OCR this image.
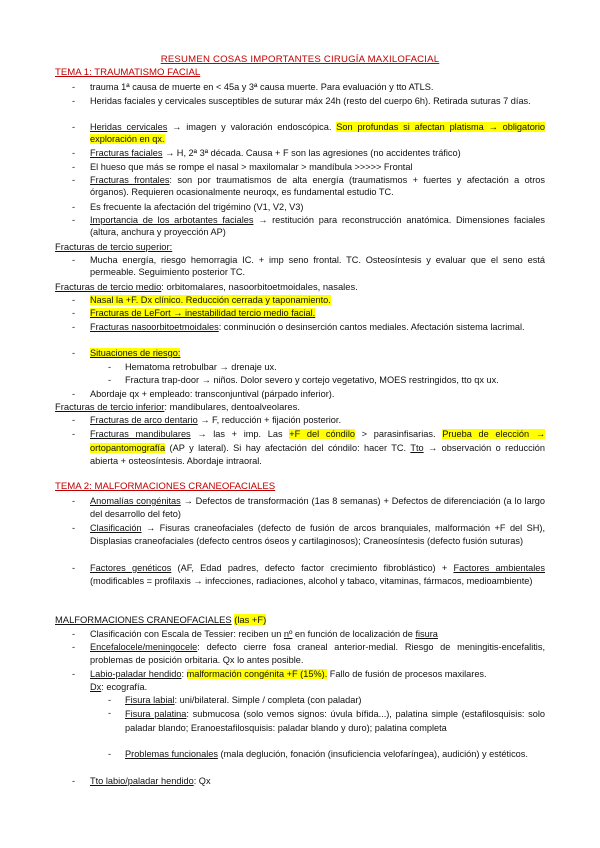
RESUMEN COSAS IMPORTANTES CIRUGÍA MAXILOFACIAL
TEMA 1: TRAUMATISMO FACIAL
- trauma 1ª causa de muerte en < 45a y 3ª causa muerte. Para evaluación y tto ATLS.
- Heridas faciales y cervicales susceptibles de suturar máx 24h (resto del cuerpo 6h). Retirada suturas 7 días.
- Heridas cervicales → imagen y valoración endoscópica. Son profundas si afectan platisma → obligatorio exploración en qx.
- Fracturas faciales → H, 2ª 3ª década. Causa + F son las agresiones (no accidentes tráfico)
- El hueso que más se rompe el nasal > maxilomalar > mandíbula >>>>> Frontal
- Fracturas frontales: son por traumatismos de alta energía (traumatismos + fuertes y afectación a otros órganos). Requieren ocasionalmente neuroqx, es fundamental estudio TC.
- Es frecuente la afectación del trigémino (V1, V2, V3)
- Importancia de los arbotantes faciales → restitución para reconstrucción anatómica. Dimensiones faciales (altura, anchura y proyección AP)
Fracturas de tercio superior:
- Mucha energía, riesgo hemorragia IC. + imp seno frontal. TC. Osteosíntesis y evaluar que el seno está permeable. Seguimiento posterior TC.
Fracturas de tercio medio: orbitomalares, nasoorbitoetmoidales, nasales.
- Nasal la +F. Dx clínico. Reducción cerrada y taponamiento.
- Fracturas de LeFort → inestabilidad tercio medio facial.
- Fracturas nasoorbitoetmoidales: conminución o desinserción cantos mediales. Afectación sistema lacrimal.
- Situaciones de riesgo:
- Hematoma retrobulbar → drenaje ux.
- Fractura trap-door → niños. Dolor severo y cortejo vegetativo, MOES restringidos, tto qx ux.
- Abordaje qx + empleado: transconjuntival (párpado inferior).
Fracturas de tercio inferior: mandibulares, dentoalveolares.
- Fracturas de arco dentario → F, reducción + fijación posterior.
- Fracturas mandibulares → las + imp. Las +F del cóndilo > parasinfisarias. Prueba de elección → ortopantomografía (AP y lateral). Si hay afectación del cóndilo: hacer TC. Tto → observación o reducción abierta + osteosíntesis. Abordaje intraoral.
TEMA 2: MALFORMACIONES CRANEOFACIALES
- Anomalías congénitas → Defectos de transformación (1as 8 semanas) + Defectos de diferenciación (a lo largo del desarrollo del feto)
- Clasificación → Fisuras craneofaciales (defecto de fusión de arcos branquiales, malformación +F del SH), Displasias craneofaciales (defecto centros óseos y cartilaginosos); Craneosíntesis (defecto fusión suturas)
- Factores genéticos (AF, Edad padres, defecto factor crecimiento fibroblástico) + Factores ambientales (modificables = profilaxis → infecciones, radiaciones, alcohol y tabaco, vitaminas, fármacos, medioambiente)
MALFORMACIONES CRANEOFACIALES (las +F)
- Clasificación con Escala de Tessier: reciben un nº en función de localización de fisura
- Encefalocele/meningocele: defecto cierre fosa craneal anterior-medial. Riesgo de meningitis-encefalitis, problemas de posición orbitaria. Qx lo antes posible.
- Labio-paladar hendido: malformación congénita +F (15%). Fallo de fusión de procesos maxilares.
Dx: ecografía.
- Fisura labial: uni/bilateral. Simple / completa (con paladar)
- Fisura palatina: submucosa (solo vemos signos: úvula bífida...), palatina simple (estafilosquisis: solo paladar blando; Eranoestafilosquisis: paladar blando y duro); palatina completa
- Problemas funcionales (mala deglución, fonación (insuficiencia velofaríngea), audición) y estéticos.
- Tto labio/paladar hendido: Qx
